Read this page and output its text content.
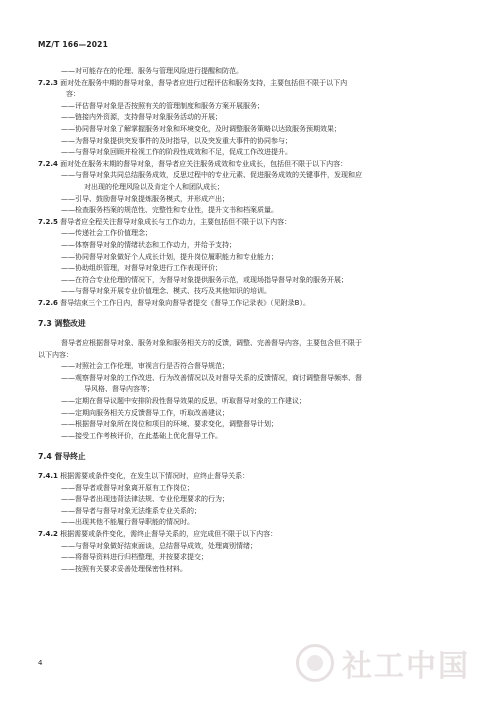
MZ/T 166—2021
——对可能存在的伦理、服务与管理风险进行提醒和防范。
7.2.3 面对处在服务中期的督导对象，督导者应进行过程评估和服务支持，主要包括但不限于以下内
容：
——评估督导对象是否按照有关的管理制度和服务方案开展服务；
——链接内外资源，支持督导对象服务活动的开展；
——协同督导对象了解掌握服务对象和环境变化，及时调整服务策略以达致服务预期效果；
——为督导对象提供突发事件的及时指导，以及突发重大事件的协同参与；
——与督导对象回顾并检视工作的阶段性成效和不足，促成工作改进提升。
7.2.4 面对处在服务末期的督导对象，督导者应关注服务成效和专业成长，包括但不限于以下内容：
——与督导对象共同总结服务成效，反思过程中的专业元素、促进服务成效的关键事件，发现和应
对出现的伦理风险以及肯定个人和团队成长；
——引导、鼓励督导对象提炼服务模式，并形成产出；
——检查服务档案的规范性、完整性和专业性，提升文书和档案质量。
7.2.5 督导者应全程关注督导对象成长与工作动力，主要包括但不限于以下内容：
——传递社会工作价值理念；
——体察督导对象的情绪状态和工作动力，并给予支持；
——协同督导对象做好个人成长计划，提升岗位履职能力和专业能力；
——协助组织管理，对督导对象进行工作表现评价；
——在符合专业伦理的情况下，为督导对象提供服务示范，或现场指导督导对象的服务开展；
——与督导对象开展专业价值理念、模式、技巧及其他知识的培训。
7.2.6 督导结束三个工作日内，督导对象向督导者提交《督导工作记录表》（见附录B）。
7.3 调整改进
督导者应根据督导对象、服务对象和服务相关方的反馈，调整、完善督导内容，主要包含但不限于
以下内容：
——对照社会工作伦理，审视言行是否符合督导规范；
——观察督导对象的工作改进、行为改善情况以及对督导关系的反馈情况，商讨调整督导频率、督
导风格、督导内容等；
——定期在督导议题中安排阶段性督导效果的反思，听取督导对象的工作建议；
——定期向服务相关方反馈督导工作，听取改善建议；
——根据督导对象所在岗位和项目的环境、要求变化，调整督导计划；
——接受工作考核评价，在此基础上优化督导工作。
7.4 督导终止
7.4.1 根据需要或条件变化，在发生以下情况时，应终止督导关系：
——督导者或督导对象离开原有工作岗位；
——督导者出现违背法律法规、专业伦理要求的行为；
——督导者与督导对象无法维系专业关系的；
——出现其他不能履行督导职能的情况时。
7.4.2 根据需要或条件变化，需终止督导关系的，应完成但不限于以下内容：
——与督导对象做好结束面谈，总结督导成效，处理离别情绪；
——将督导资料进行归档整理，并按要求提交；
——按照有关要求妥善处理保密性材料。
4	社工中国
